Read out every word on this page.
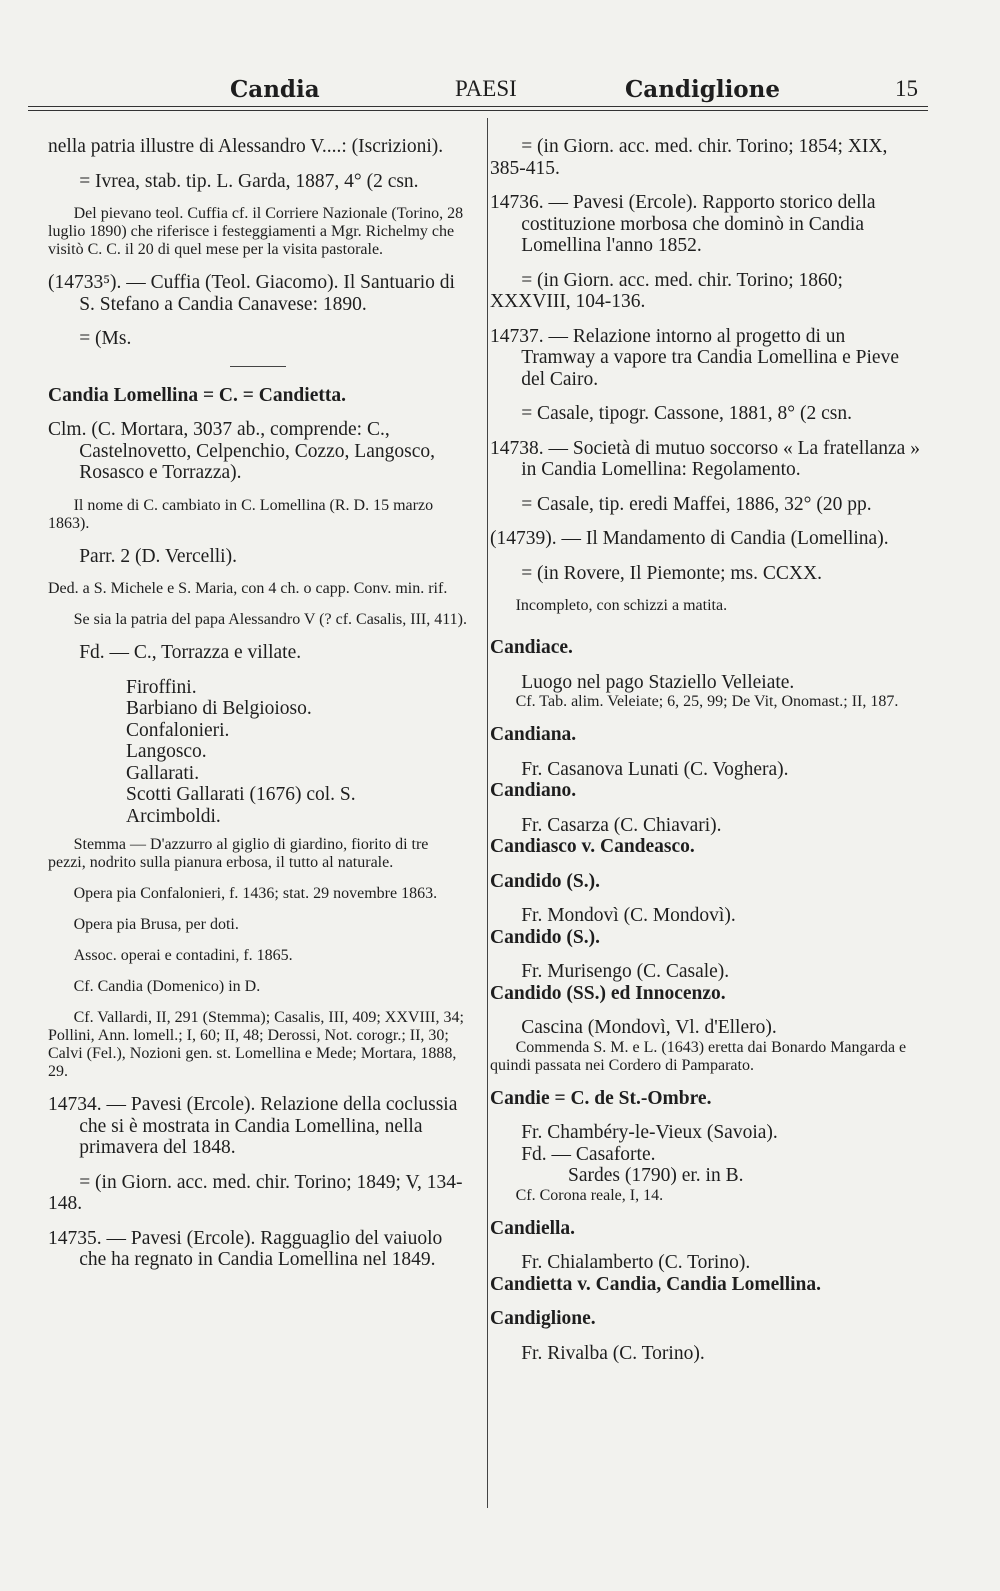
Candia	PAESI	Candiglione	15

nella patria illustre di Alessandro V....: (Iscrizioni).

= Ivrea, stab. tip. L. Garda, 1887, 4° (2 csn.

Del pievano teol. Cuffia cf. il Corriere Nazionale (Torino, 28 luglio 1890) che riferisce i festeggiamenti a Mgr. Richelmy che visitò C. C. il 20 di quel mese per la visita pastorale.

(14733⁵). — Cuffia (Teol. Giacomo). Il Santuario di S. Stefano a Candia Canavese: 1890.

= (Ms.

Candia Lomellina = C. = Candietta.

Clm. (C. Mortara, 3037 ab., comprende: C., Castelnovetto, Celpenchio, Cozzo, Langosco, Rosasco e Torrazza).

Il nome di C. cambiato in C. Lomellina (R. D. 15 marzo 1863).

Parr. 2 (D. Vercelli).

Ded. a S. Michele e S. Maria, con 4 ch. o capp. Conv. min. rif.

Se sia la patria del papa Alessandro V (? cf. Casalis, III, 411).

Fd. — C., Torrazza e villate.

Firoffini.

Barbiano di Belgioioso.

Confalonieri.

Langosco.

Gallarati.

Scotti Gallarati (1676) col. S.

Arcimboldi.

Stemma — D'azzurro al giglio di giardino, fiorito di tre pezzi, nodrito sulla pianura erbosa, il tutto al naturale.

Opera pia Confalonieri, f. 1436; stat. 29 novembre 1863.

Opera pia Brusa, per doti.

Assoc. operai e contadini, f. 1865.

Cf. Candia (Domenico) in D.

Cf. Vallardi, II, 291 (Stemma); Casalis, III, 409; XXVIII, 34; Pollini, Ann. lomell.; I, 60; II, 48; Derossi, Not. corogr.; II, 30; Calvi (Fel.), Nozioni gen. st. Lomellina e Mede; Mortara, 1888, 29.

14734. — Pavesi (Ercole). Relazione della coclussia che si è mostrata in Candia Lomellina, nella primavera del 1848.

= (in Giorn. acc. med. chir. Torino; 1849; V, 134-148.

14735. — Pavesi (Ercole). Ragguaglio del vaiuolo che ha regnato in Candia Lomellina nel 1849.

= (in Giorn. acc. med. chir. Torino; 1854; XIX, 385-415.

14736. — Pavesi (Ercole). Rapporto storico della costituzione morbosa che dominò in Candia Lomellina l'anno 1852.

= (in Giorn. acc. med. chir. Torino; 1860; XXXVIII, 104-136.

14737. — Relazione intorno al progetto di un Tramway a vapore tra Candia Lomellina e Pieve del Cairo.

= Casale, tipogr. Cassone, 1881, 8° (2 csn.

14738. — Società di mutuo soccorso « La fratellanza » in Candia Lomellina: Regolamento.

= Casale, tip. eredi Maffei, 1886, 32° (20 pp.

(14739). — Il Mandamento di Candia (Lomellina).

= (in Rovere, Il Piemonte; ms. CCXX.

Incompleto, con schizzi a matita.

Candiace.

Luogo nel pago Staziello Velleiate.

Cf. Tab. alim. Veleiate; 6, 25, 99; De Vit, Onomast.; II, 187.

Candiana.

Fr. Casanova Lunati (C. Voghera).

Candiano.

Fr. Casarza (C. Chiavari).

Candiasco v. Candeasco.

Candido (S.).

Fr. Mondovì (C. Mondovì).

Candido (S.).

Fr. Murisengo (C. Casale).

Candido (SS.) ed Innocenzo.

Cascina (Mondovì, Vl. d'Ellero).

Commenda S. M. e L. (1643) eretta dai Bonardo Mangarda e quindi passata nei Cordero di Pamparato.

Candie = C. de St.-Ombre.

Fr. Chambéry-le-Vieux (Savoia).

Fd. — Casaforte.

Sardes (1790) er. in B.

Cf. Corona reale, I, 14.

Candiella.

Fr. Chialamberto (C. Torino).

Candietta v. Candia, Candia Lomellina.

Candiglione.

Fr. Rivalba (C. Torino).
